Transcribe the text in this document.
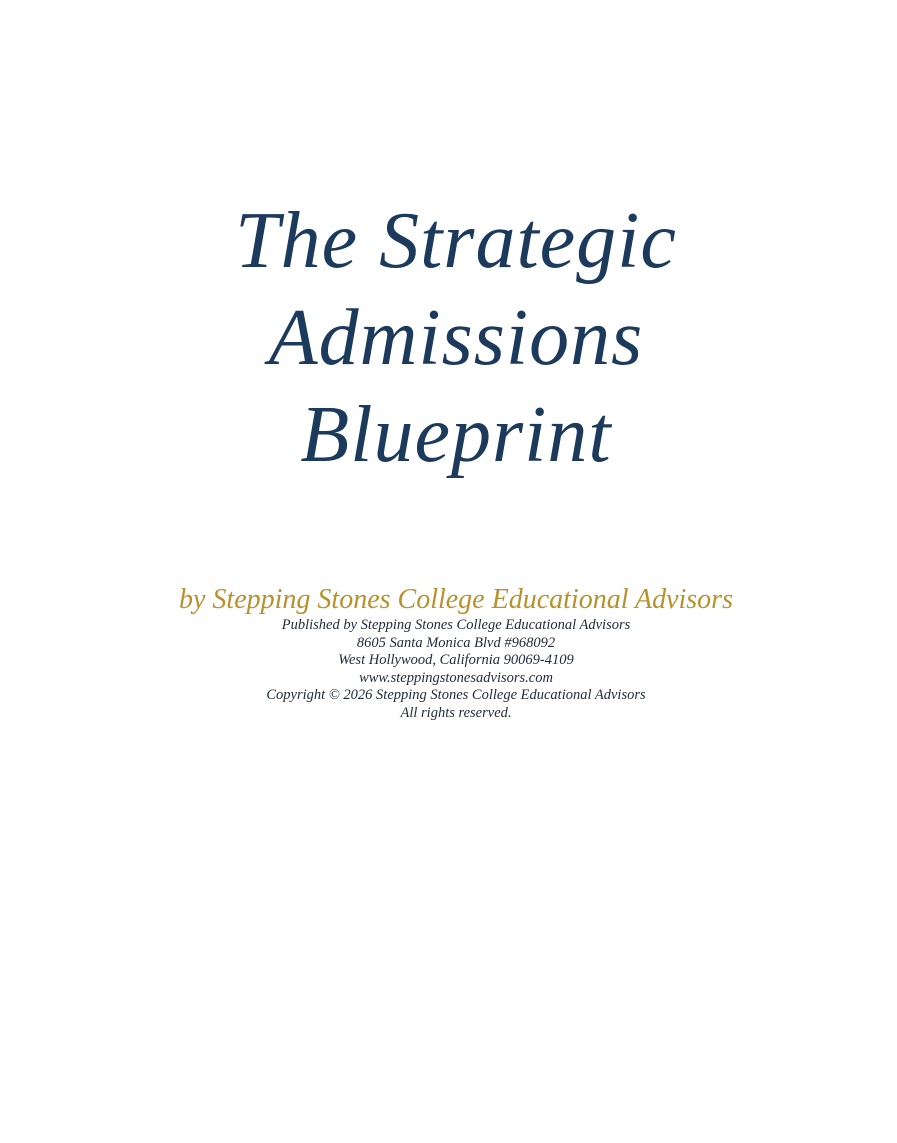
The Strategic
Admissions
Blueprint
by Stepping Stones College Educational Advisors
Published by Stepping Stones College Educational Advisors
8605 Santa Monica Blvd #968092
West Hollywood, California 90069-4109
www.steppingstonesadvisors.com
Copyright © 2026 Stepping Stones College Educational Advisors
All rights reserved.
